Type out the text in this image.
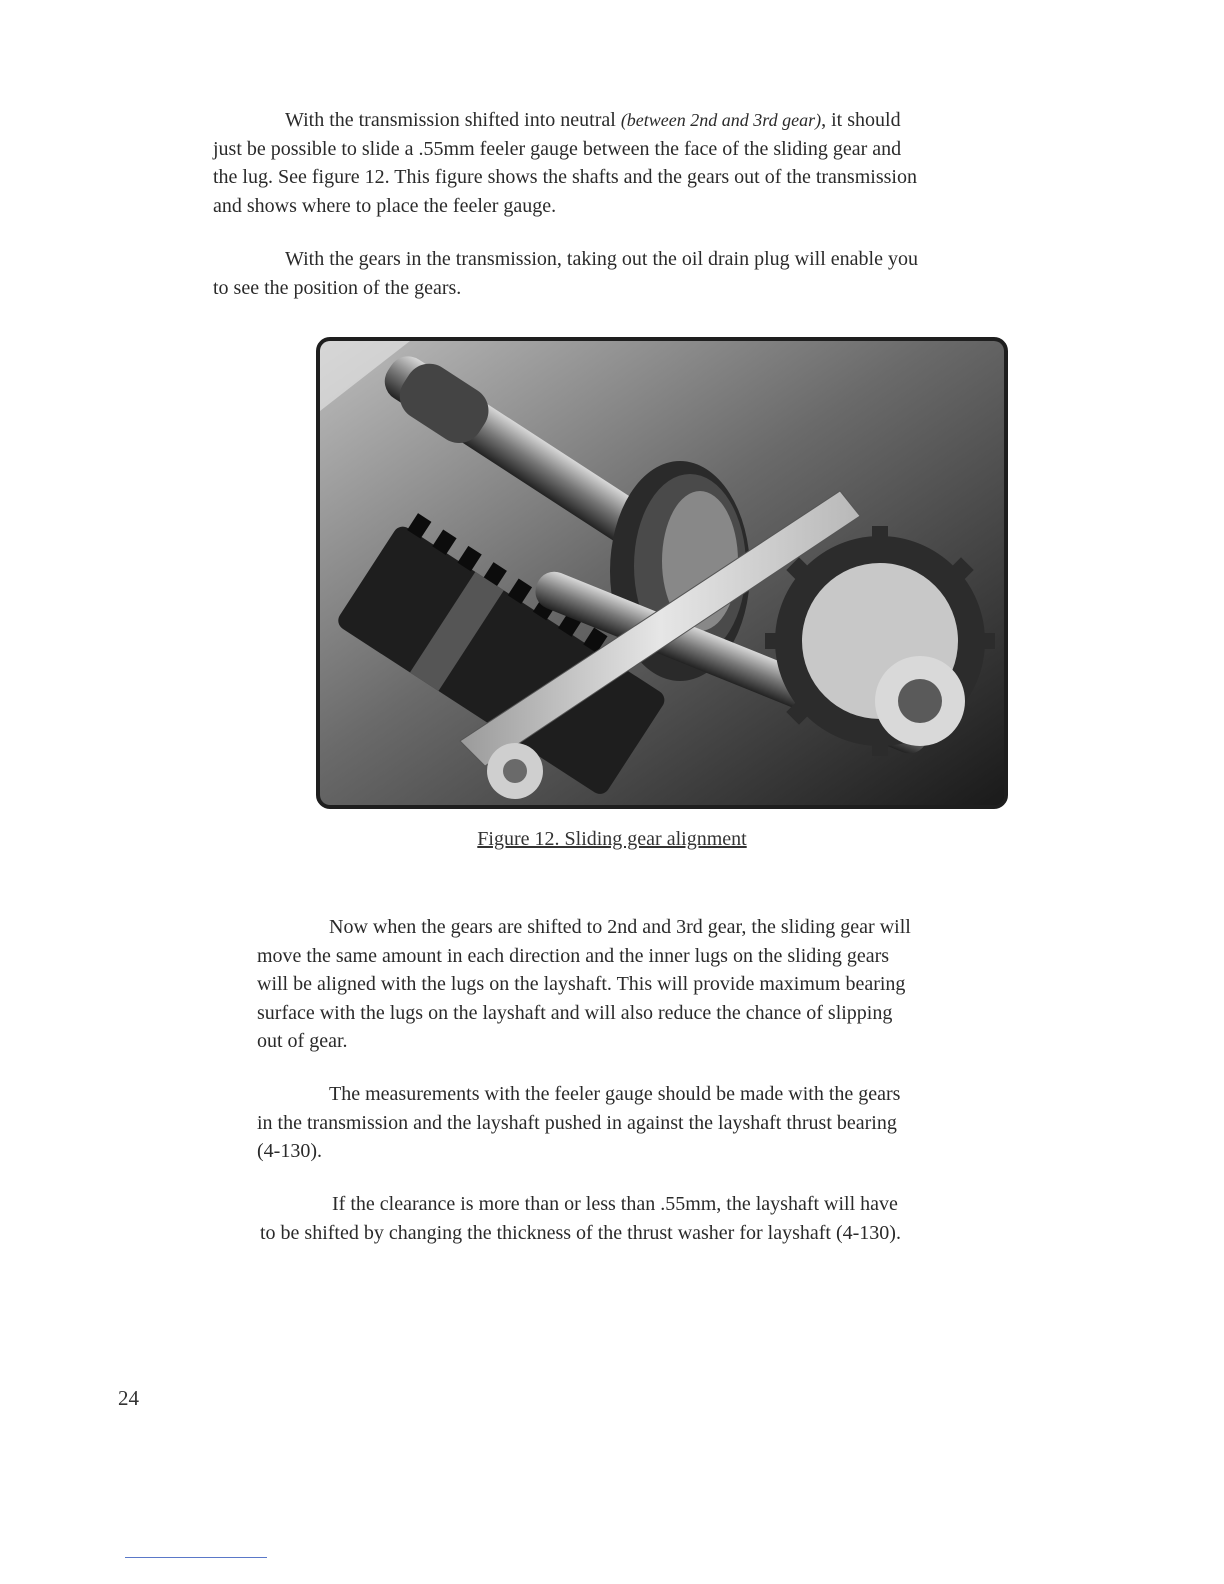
With the transmission shifted into neutral (between 2nd and 3rd gear), it should
just be possible to slide a .55mm feeler gauge between the face of the sliding gear and
the lug. See figure 12. This figure shows the shafts and the gears out of the transmission
and shows where to place the feeler gauge.

With the gears in the transmission, taking out the oil drain plug will enable you
to see the position of the gears.

Figure 12. Sliding gear alignment

Now when the gears are shifted to 2nd and 3rd gear, the sliding gear will
move the same amount in each direction and the inner lugs on the sliding gears
will be aligned with the lugs on the layshaft. This will provide maximum bearing
surface with the lugs on the layshaft and will also reduce the chance of slipping
out of gear.

The measurements with the feeler gauge should be made with the gears
in the transmission and the layshaft pushed in against the layshaft thrust bearing
(4-130).

If the clearance is more than or less than .55mm, the layshaft will have
to be shifted by changing the thickness of the thrust washer for layshaft (4-130).

24
